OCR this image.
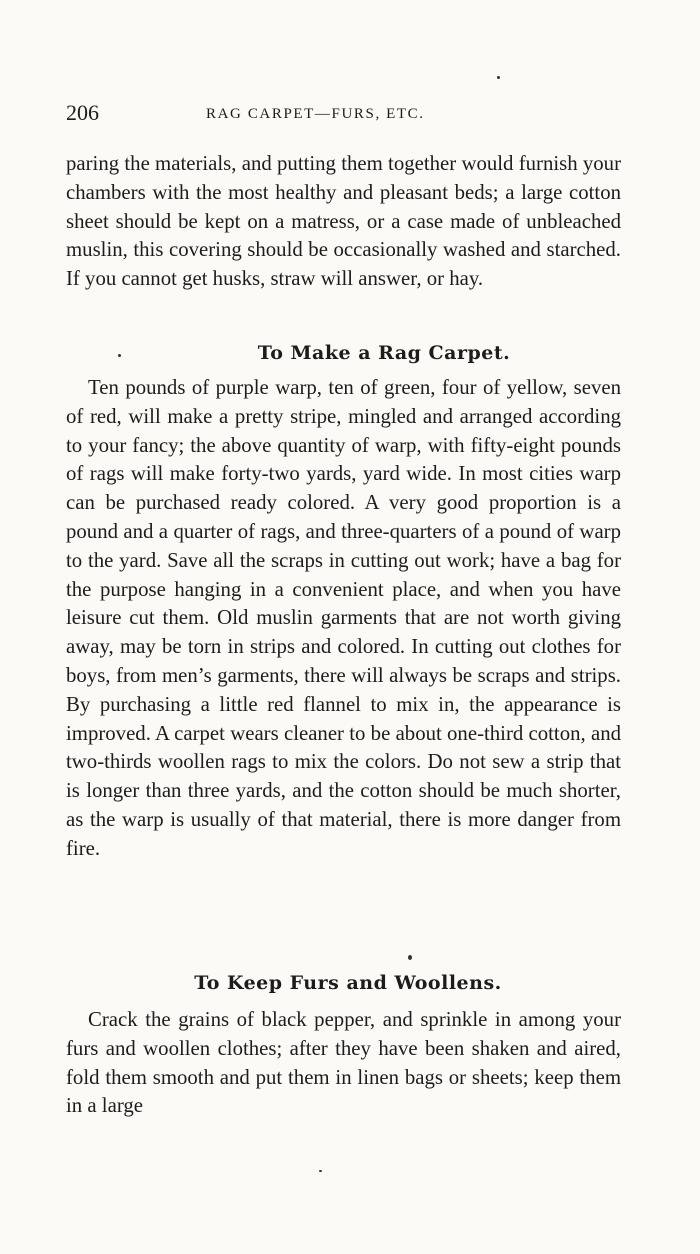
206	RAG CARPET—FURS, ETC.

paring the materials, and putting them together would furnish your chambers with the most healthy and pleasant beds; a large cotton sheet should be kept on a matress, or a case made of unbleached muslin, this covering should be occasionally washed and starched. If you cannot get husks, straw will answer, or hay.

To Make a Rag Carpet.

Ten pounds of purple warp, ten of green, four of yellow, seven of red, will make a pretty stripe, mingled and arranged according to your fancy; the above quantity of warp, with fifty-eight pounds of rags will make forty-two yards, yard wide. In most cities warp can be purchased ready colored. A very good proportion is a pound and a quarter of rags, and three-quarters of a pound of warp to the yard. Save all the scraps in cutting out work; have a bag for the purpose hanging in a convenient place, and when you have leisure cut them. Old muslin garments that are not worth giving away, may be torn in strips and colored. In cutting out clothes for boys, from men’s garments, there will always be scraps and strips. By purchasing a little red flannel to mix in, the appearance is improved. A carpet wears cleaner to be about one-third cotton, and two-thirds woollen rags to mix the colors. Do not sew a strip that is longer than three yards, and the cotton should be much shorter, as the warp is usually of that material, there is more danger from fire.

To Keep Furs and Woollens.

Crack the grains of black pepper, and sprinkle in among your furs and woollen clothes; after they have been shaken and aired, fold them smooth and put them in linen bags or sheets; keep them in a large
